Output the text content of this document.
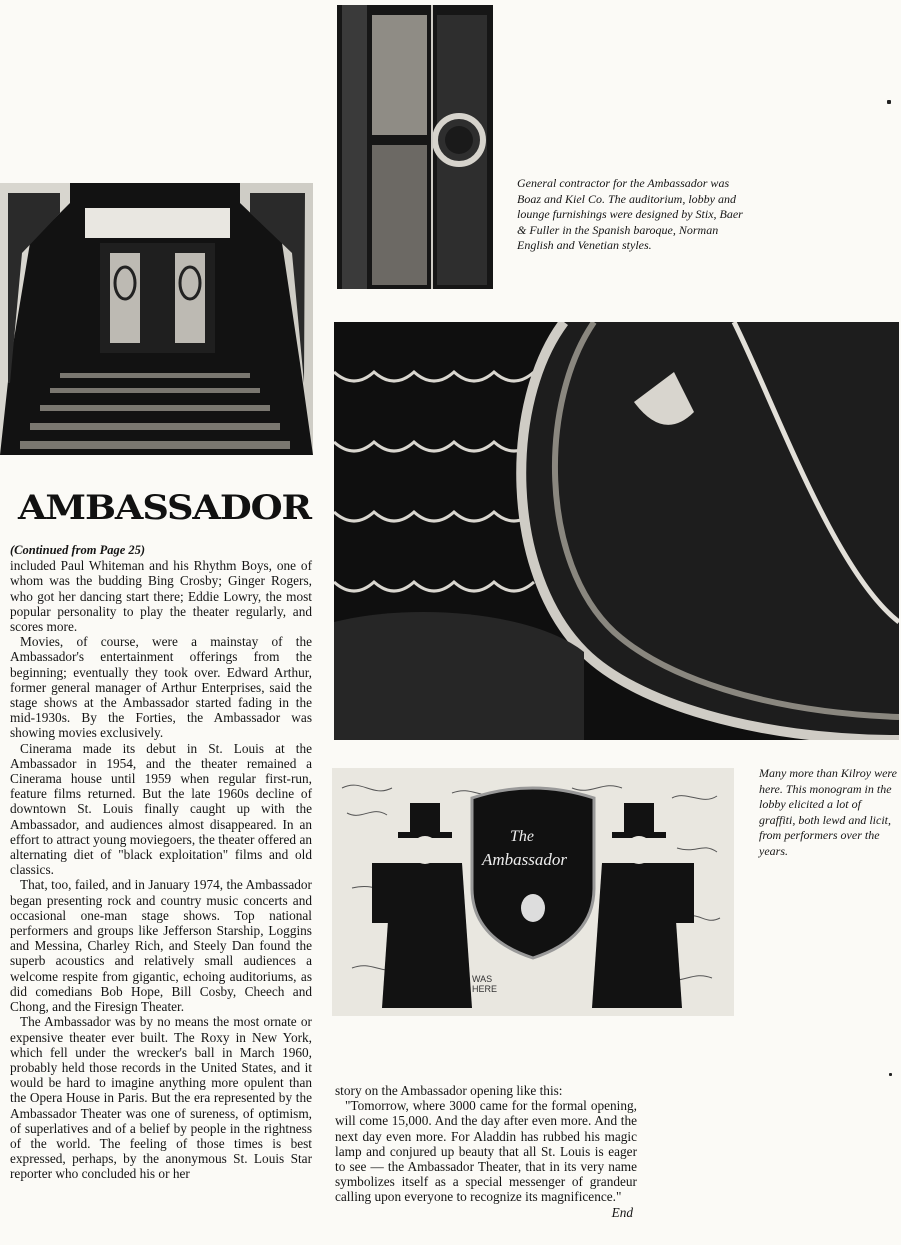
General contractor for the Ambassador was Boaz and Kiel Co. The auditorium, lobby and lounge furnishings were designed by Stix, Baer & Fuller in the Spanish baroque, Norman English and Venetian styles.
AMBASSADOR
(Continued from Page 25)

included Paul Whiteman and his Rhythm Boys, one of whom was the budding Bing Crosby; Ginger Rogers, who got her dancing start there; Eddie Lowry, the most popular personality to play the theater regularly, and scores more.

Movies, of course, were a mainstay of the Ambassador's entertainment offerings from the beginning; eventually they took over. Edward Arthur, former general manager of Arthur Enterprises, said the stage shows at the Ambassador started fading in the mid-1930s. By the Forties, the Ambassador was showing movies exclusively.

Cinerama made its debut in St. Louis at the Ambassador in 1954, and the theater remained a Cinerama house until 1959 when regular first-run, feature films returned. But the late 1960s decline of downtown St. Louis finally caught up with the Ambassador, and audiences almost disappeared. In an effort to attract young moviegoers, the theater offered an alternating diet of "black exploitation" films and old classics.

That, too, failed, and in January 1974, the Ambassador began presenting rock and country music concerts and occasional one-man stage shows. Top national performers and groups like Jefferson Starship, Loggins and Messina, Charley Rich, and Steely Dan found the superb acoustics and relatively small audiences a welcome respite from gigantic, echoing auditoriums, as did comedians Bob Hope, Bill Cosby, Cheech and Chong, and the Firesign Theater.

The Ambassador was by no means the most ornate or expensive theater ever built. The Roxy in New York, which fell under the wrecker's ball in March 1960, probably held those records in the United States, and it would be hard to imagine anything more opulent than the Opera House in Paris. But the era represented by the Ambassador Theater was one of sureness, of optimism, of superlatives and of a belief by people in the rightness of the world. The feeling of those times is best expressed, perhaps, by the anonymous St. Louis Star reporter who concluded his or her

The
Ambassador
WAS HERE
Many more than Kilroy were here. This monogram in the lobby elicited a lot of graffiti, both lewd and licit, from performers over the years.

story on the Ambassador opening like this:

"Tomorrow, where 3000 came for the formal opening, will come 15,000. And the day after even more. And the next day even more. For Aladdin has rubbed his magic lamp and conjured up beauty that all St. Louis is eager to see — the Ambassador Theater, that in its very name symbolizes itself as a special messenger of grandeur calling upon everyone to recognize its magnificence."

End
